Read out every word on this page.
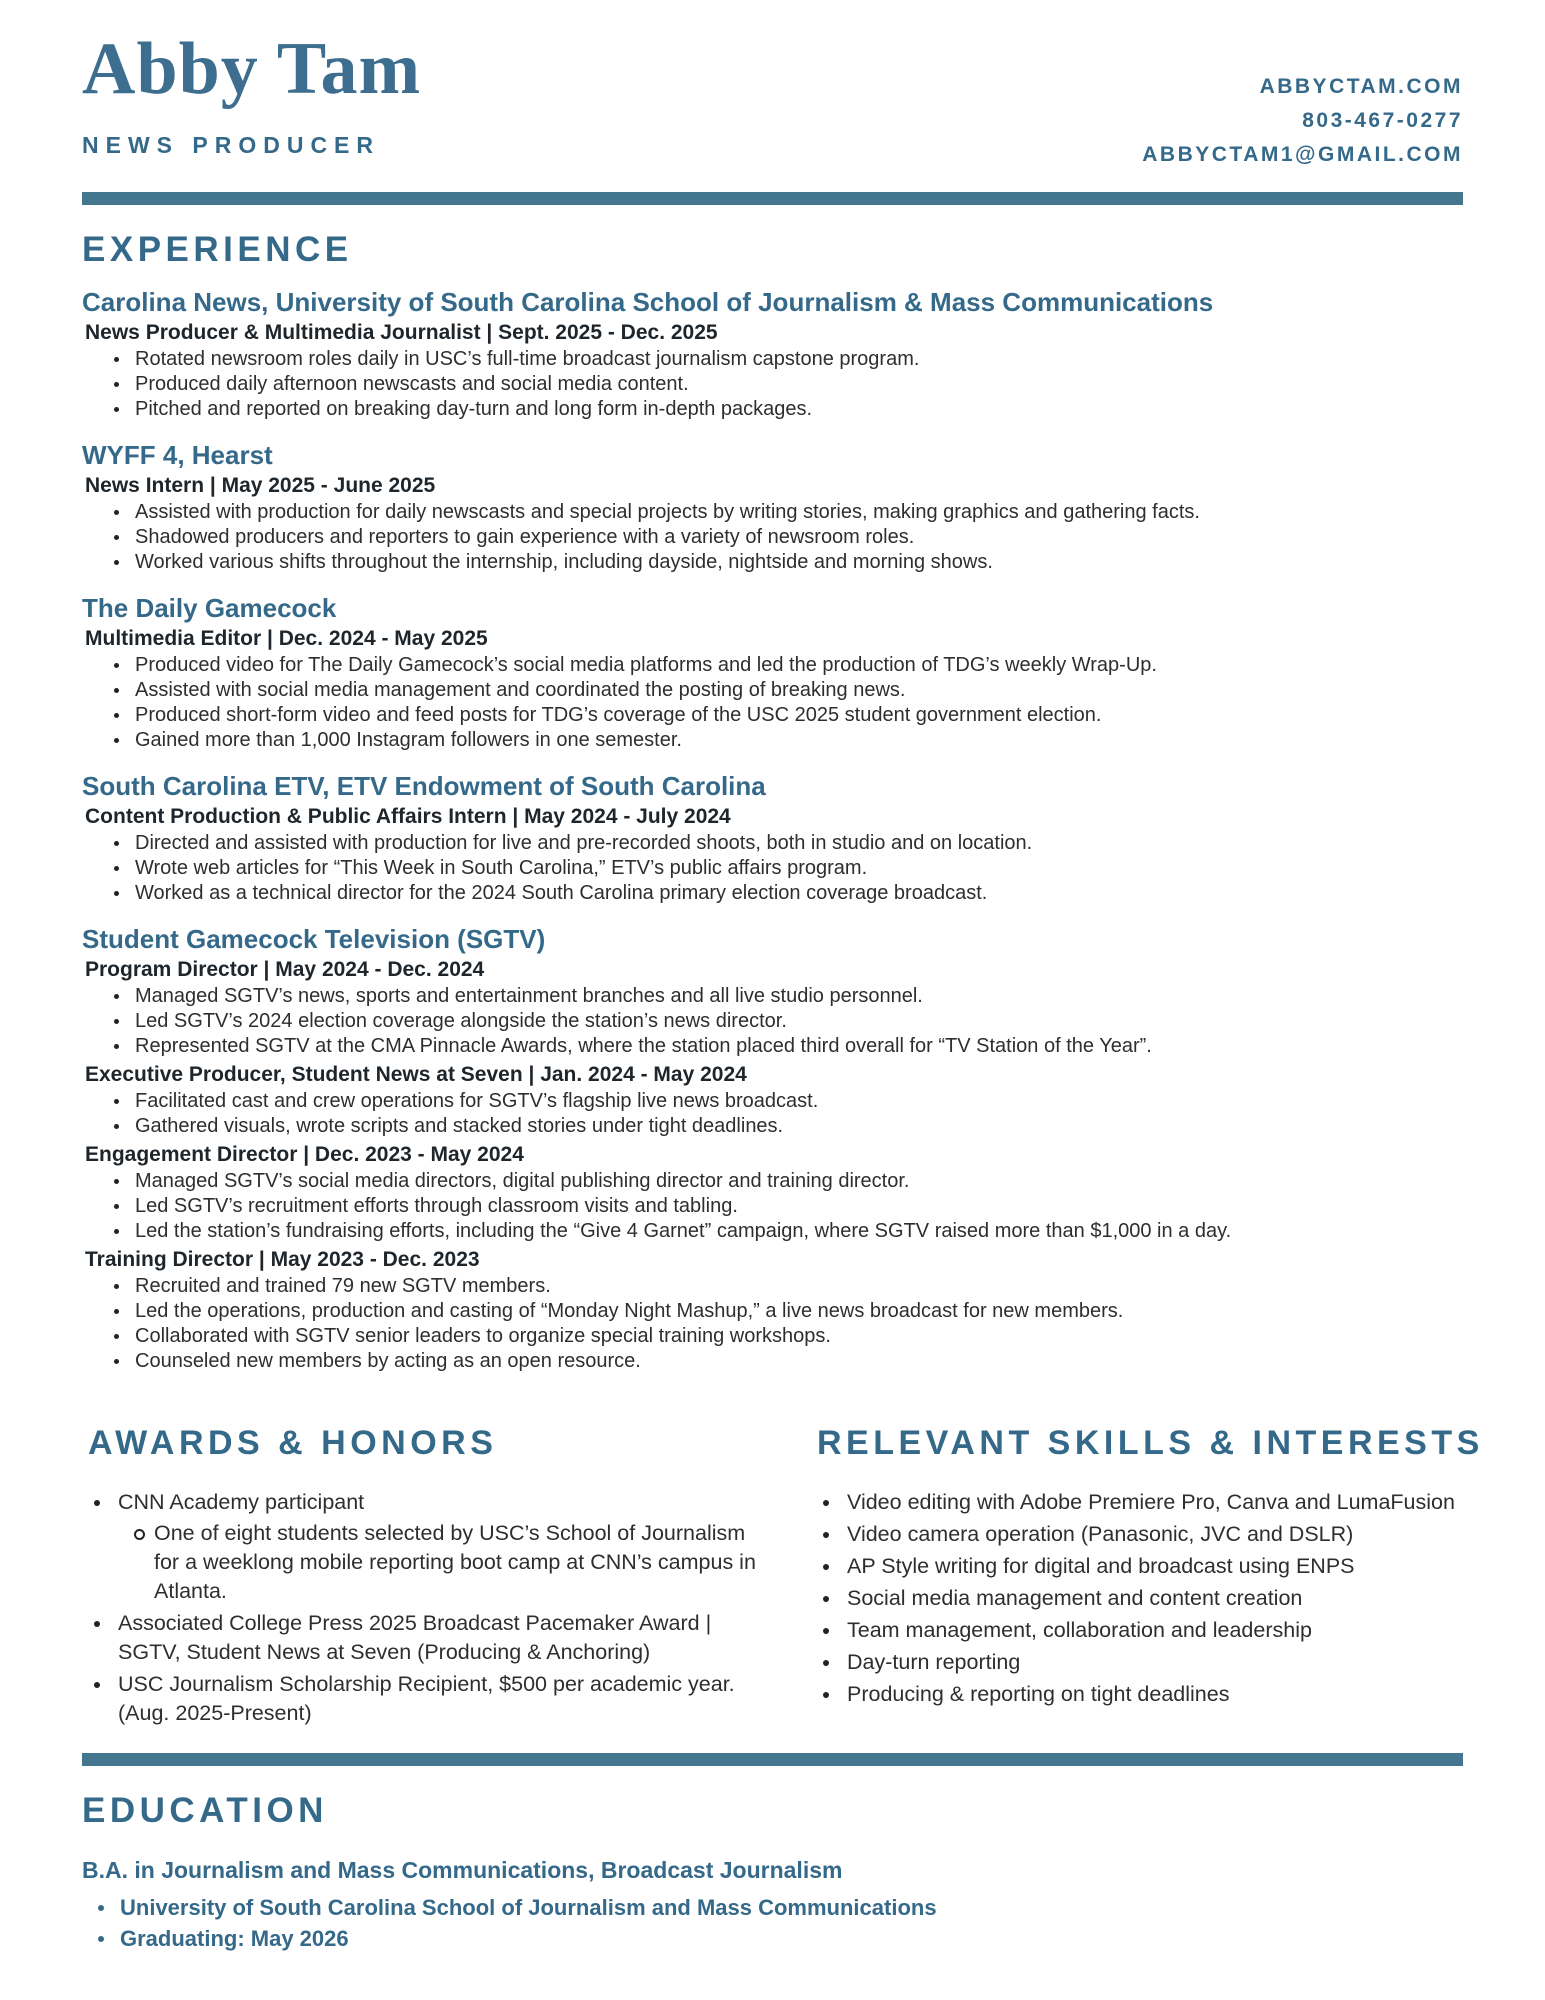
Abby Tam
NEWS PRODUCER
ABBYCTAM.COM
803-467-0277
ABBYCTAM1@GMAIL.COM
EXPERIENCE
Carolina News, University of South Carolina School of Journalism & Mass Communications
News Producer & Multimedia Journalist | Sept. 2025 - Dec. 2025
Rotated newsroom roles daily in USC’s full-time broadcast journalism capstone program.
Produced daily afternoon newscasts and social media content.
Pitched and reported on breaking day-turn and long form in-depth packages.
WYFF 4, Hearst
News Intern | May 2025 - June 2025
Assisted with production for daily newscasts and special projects by writing stories, making graphics and gathering facts.
Shadowed producers and reporters to gain experience with a variety of newsroom roles.
Worked various shifts throughout the internship, including dayside, nightside and morning shows.
The Daily Gamecock
Multimedia Editor | Dec. 2024 - May 2025
Produced video for The Daily Gamecock’s social media platforms and led the production of TDG’s weekly Wrap-Up.
Assisted with social media management and coordinated the posting of breaking news.
Produced short-form video and feed posts for TDG’s coverage of the USC 2025 student government election.
Gained more than 1,000 Instagram followers in one semester.
South Carolina ETV, ETV Endowment of South Carolina
Content Production & Public Affairs Intern | May 2024 - July 2024
Directed and assisted with production for live and pre-recorded shoots, both in studio and on location.
Wrote web articles for “This Week in South Carolina,” ETV’s public affairs program.
Worked as a technical director for the 2024 South Carolina primary election coverage broadcast.
Student Gamecock Television (SGTV)
Program Director | May 2024 - Dec. 2024
Managed SGTV’s news, sports and entertainment branches and all live studio personnel.
Led SGTV’s 2024 election coverage alongside the station’s news director.
Represented SGTV at the CMA Pinnacle Awards, where the station placed third overall for “TV Station of the Year”.
Executive Producer, Student News at Seven | Jan. 2024 - May 2024
Facilitated cast and crew operations for SGTV’s flagship live news broadcast.
Gathered visuals, wrote scripts and stacked stories under tight deadlines.
Engagement Director | Dec. 2023 - May 2024
Managed SGTV’s social media directors, digital publishing director and training director.
Led SGTV’s recruitment efforts through classroom visits and tabling.
Led the station’s fundraising efforts, including the “Give 4 Garnet” campaign, where SGTV raised more than $1,000 in a day.
Training Director | May 2023 - Dec. 2023
Recruited and trained 79 new SGTV members.
Led the operations, production and casting of “Monday Night Mashup,” a live news broadcast for new members.
Collaborated with SGTV senior leaders to organize special training workshops.
Counseled new members by acting as an open resource.
AWARDS & HONORS
CNN Academy participant
One of eight students selected by USC’s School of Journalism for a weeklong mobile reporting boot camp at CNN’s campus in Atlanta.
Associated College Press 2025 Broadcast Pacemaker Award | SGTV, Student News at Seven (Producing & Anchoring)
USC Journalism Scholarship Recipient, $500 per academic year. (Aug. 2025-Present)
RELEVANT SKILLS & INTERESTS
Video editing with Adobe Premiere Pro, Canva and LumaFusion
Video camera operation (Panasonic, JVC and DSLR)
AP Style writing for digital and broadcast using ENPS
Social media management and content creation
Team management, collaboration and leadership
Day-turn reporting
Producing & reporting on tight deadlines
EDUCATION
B.A. in Journalism and Mass Communications, Broadcast Journalism
University of South Carolina School of Journalism and Mass Communications
Graduating: May 2026
